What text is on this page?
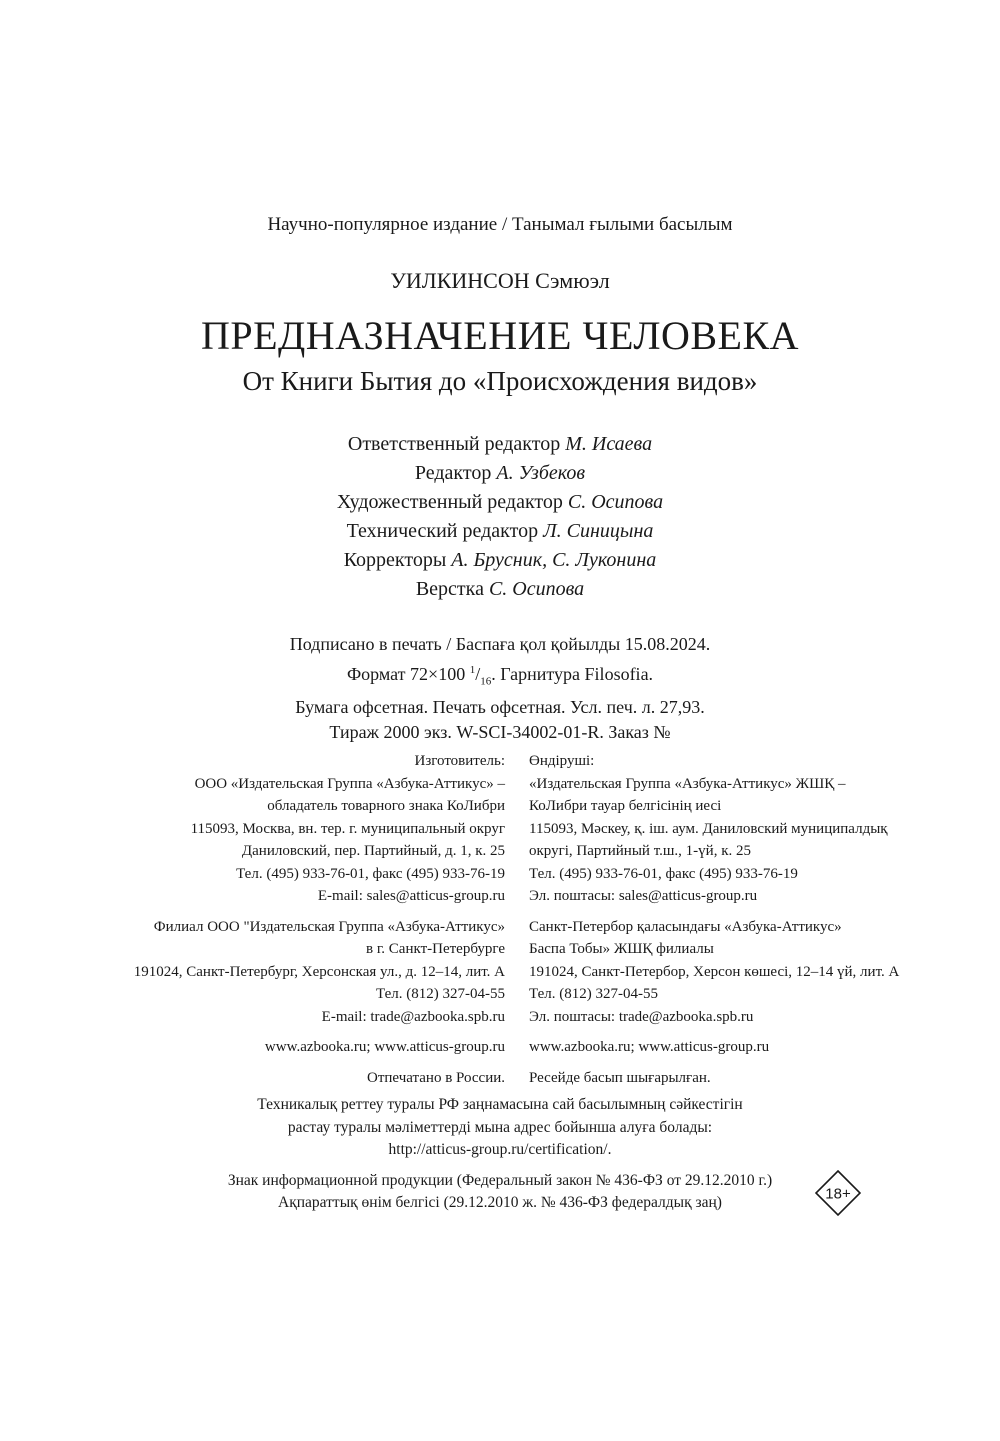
Научно-популярное издание / Танымал ғылыми басылым
УИЛКИНСОН Сэмюэл
ПРЕДНАЗНАЧЕНИЕ ЧЕЛОВЕКА
От Книги Бытия до «Происхождения видов»
Ответственный редактор М. Исаева
Редактор А. Узбеков
Художественный редактор С. Осипова
Технический редактор Л. Синицына
Корректоры А. Брусник, С. Луконина
Верстка С. Осипова
Подписано в печать / Баспаға қол қойылды 15.08.2024.
Формат 72×100 $^1/_{16}$. Гарнитура Filosofia.
Бумага офсетная. Печать офсетная. Усл. печ. л. 27,93.
Тираж 2000 экз. W-SCI-34002-01-R. Заказ №
Изготовитель:
ООО «Издательская Группа «Азбука-Аттикус» –
обладатель товарного знака КоЛибри
115093, Москва, вн. тер. г. муниципальный округ
Даниловский, пер. Партийный, д. 1, к. 25
Тел. (495) 933-76-01, факс (495) 933-76-19
E-mail: sales@atticus-group.ru
Филиал ООО "Издательская Группа «Азбука-Аттикус»
в г. Санкт-Петербурге
191024, Санкт-Петербург, Херсонская ул., д. 12–14, лит. А
Тел. (812) 327-04-55
E-mail: trade@azbooka.spb.ru
www.azbooka.ru; www.atticus-group.ru
Отпечатано в России.
Өндіруші:
«Издательская Группа «Азбука-Аттикус» ЖШҚ –
КоЛибри тауар белгісінің иесі
115093, Мәскеу, қ. іш. аум. Даниловский муниципалдық
округі, Партийный т.ш., 1-үй, к. 25
Тел. (495) 933-76-01, факс (495) 933-76-19
Эл. поштасы: sales@atticus-group.ru
Санкт-Петербор қаласындағы «Азбука-Аттикус»
Баспа Тобы» ЖШҚ филиалы
191024, Санкт-Петербор, Херсон көшесі, 12–14 үй, лит. А
Тел. (812) 327-04-55
Эл. поштасы: trade@azbooka.spb.ru
www.azbooka.ru; www.atticus-group.ru
Ресейде басып шығарылған.
Техникалық реттеу туралы РФ заңнамасына сай басылымның сәйкестігін
растау туралы мәліметтерді мына адрес бойынша алуға болады:
http://atticus-group.ru/certification/.
Знак информационной продукции (Федеральный закон № 436-ФЗ от 29.12.2010 г.)
Ақпараттық өнім белгісі (29.12.2010 ж. № 436-ФЗ федералдық заң)	18+
